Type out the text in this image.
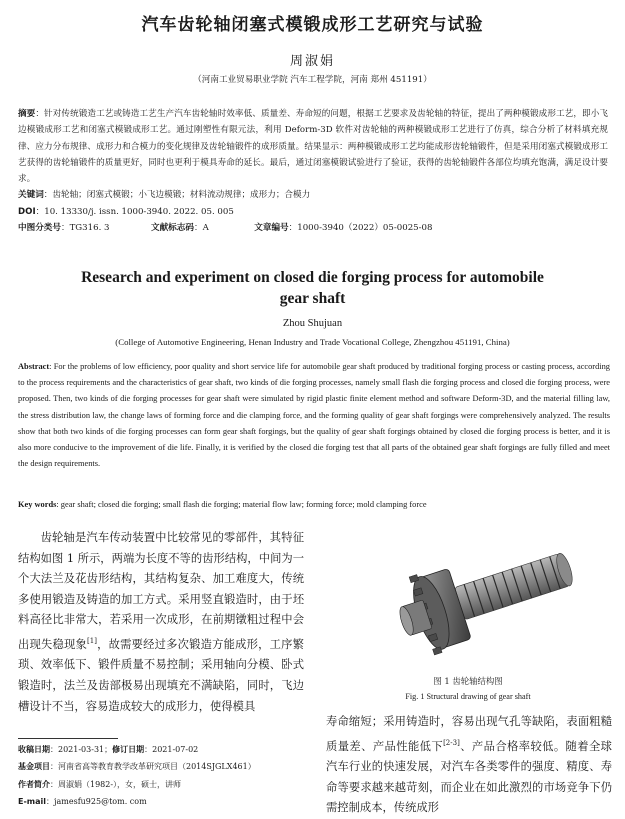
汽车齿轮轴闭塞式模锻成形工艺研究与试验
周淑娟
（河南工业贸易职业学院 汽车工程学院，河南 郑州 451191）
摘要：针对传统锻造工艺或铸造工艺生产汽车齿轮轴时效率低、质量差、寿命短的问题，根据工艺要求及齿轮轴的特征，提出了两种模锻成形工艺，即小飞边模锻成形工艺和闭塞式模锻成形工艺。通过刚塑性有限元法，利用 Deform-3D 软件对齿轮轴的两种模锻成形工艺进行了仿真，综合分析了材料填充规律、应力分布规律、成形力和合模力的变化规律及齿轮轴锻件的成形质量。结果显示：两种模锻成形工艺均能成形齿轮轴锻件，但是采用闭塞式模锻成形工艺获得的齿轮轴锻件的质量更好，同时也更利于模具寿命的延长。最后，通过闭塞模锻试验进行了验证，获得的齿轮轴锻件各部位均填充饱满，满足设计要求。
关键词：齿轮轴；闭塞式模锻；小飞边模锻；材料流动规律；成形力；合模力
DOI：10. 13330/j. issn. 1000-3940. 2022. 05. 005
中图分类号：TG316. 3	文献标志码：A	文章编号：1000-3940（2022）05-0025-08
Research and experiment on closed die forging process for automobile
gear shaft
Zhou Shujuan
(College of Automotive Engineering, Henan Industry and Trade Vocational College, Zhengzhou 451191, China)
Abstract: For the problems of low efficiency, poor quality and short service life for automobile gear shaft produced by traditional forging process or casting process, according to the process requirements and the characteristics of gear shaft, two kinds of die forging processes, namely small flash die forging process and closed die forging process, were proposed. Then, two kinds of die forging processes for gear shaft were simulated by rigid plastic finite element method and software Deform-3D, and the material filling law, the stress distribution law, the change laws of forming force and die clamping force, and the forming quality of gear shaft forgings were comprehensively analyzed. The results show that both two kinds of die forging processes can form gear shaft forgings, but the quality of gear shaft forgings obtained by closed die forging process is better, and it is also more conducive to the improvement of die life. Finally, it is verified by the closed die forging test that all parts of the obtained gear shaft forgings are fully filled and meet the design requirements.
Key words: gear shaft; closed die forging; small flash die forging; material flow law; forming force; mold clamping force
齿轮轴是汽车传动装置中比较常见的零部件，其特征结构如图 1 所示，两端为长度不等的齿形结构，中间为一个大法兰及花齿形结构，其结构复杂、加工难度大，传统多使用锻造及铸造的加工方式。采用竖直锻造时，由于坯料高径比非常大，若采用一次成形，在前期镦粗过程中会出现失稳现象[1]，故需要经过多次锻造方能成形，工序繁琐、效率低下、锻件质量不易控制；采用轴向分模、卧式锻造时，法兰及齿部极易出现填充不满缺陷，同时，飞边槽设计不当，容易造成较大的成形力，使得模具
图 1 齿轮轴结构图
Fig. 1 Structural drawing of gear shaft
寿命缩短；采用铸造时，容易出现气孔等缺陷，表面粗糙质量差、产品性能低下[2-3]、产品合格率较低。随着全球汽车行业的快速发展，对汽车各类零件的强度、精度、寿命等要求越来越苛刻，而企业在如此激烈的市场竞争下仍需控制成本，传统成形
收稿日期：2021-03-31；修订日期：2021-07-02
基金项目：河南省高等教育教学改革研究项目（2014SJGLX461）
作者简介：周淑娟（1982-），女，硕士，讲师
E-mail：jamesfu925@tom. com
